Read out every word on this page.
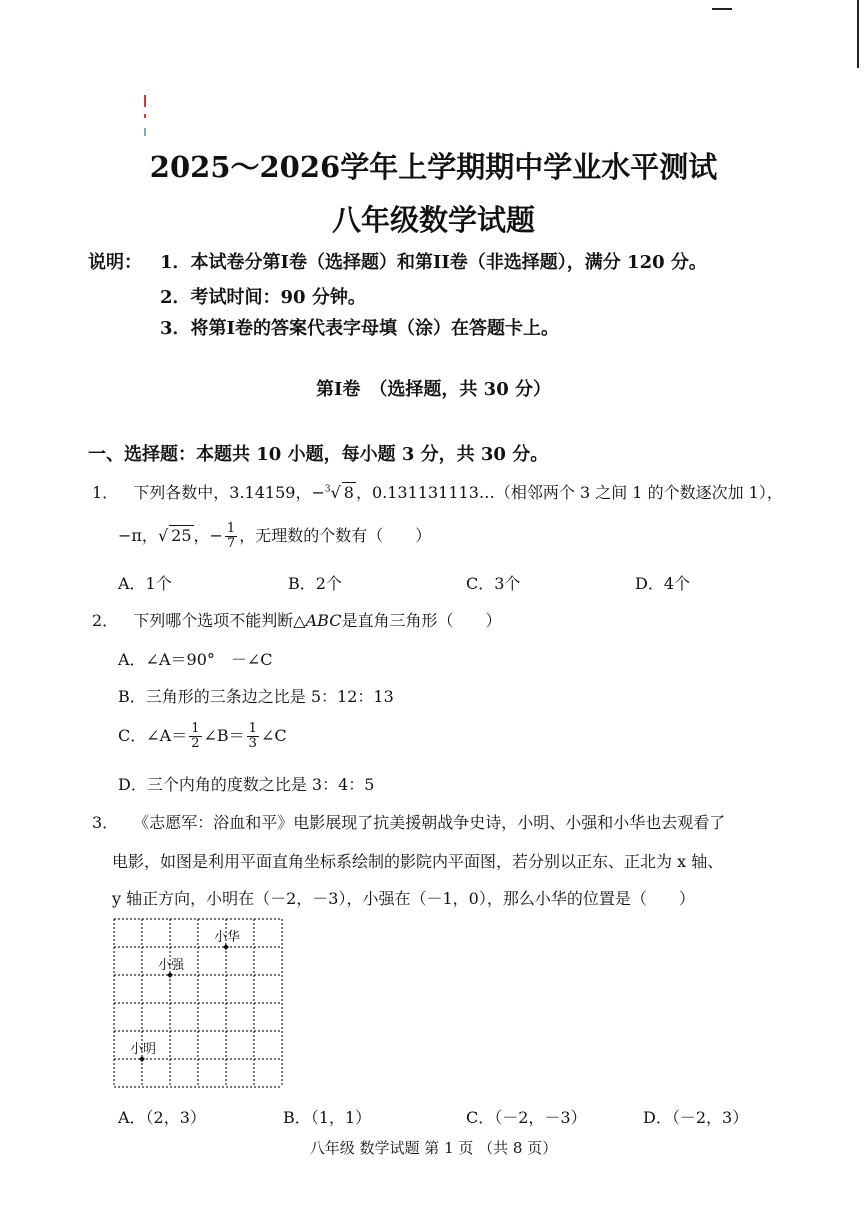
2025～2026学年上学期期中学业水平测试
八年级数学试题
说明： 1．本试卷分第I卷（选择题）和第II卷（非选择题），满分 120 分。
2．考试时间：90 分钟。
3．将第I卷的答案代表字母填（涂）在答题卡上。
第I卷　（选择题，共 30 分）
一、选择题：本题共 10 小题，每小题 3 分，共 30 分。
1． 下列各数中，3.14159，−$^3$√ 8 ，0.131131113…（相邻两个 3 之间 1 的个数逐次加 1），
−π，√ 25 ，− $\frac{1}{7}$ ，无理数的个数有（　　）
A．1个	B．2个	C．3个	D．4个
2． 下列哪个选项不能判断△ABC是直角三角形（　　）
A．∠A＝90°　－∠C
B．三角形的三条边之比是 5：12：13
C．∠A＝ $\frac{1}{2}$ ∠B＝ $\frac{1}{3}$ ∠C
D．三个内角的度数之比是 3：4：5
3． 《志愿军：浴血和平》电影展现了抗美援朝战争史诗，小明、小强和小华也去观看了
电影，如图是利用平面直角坐标系绘制的影院内平面图，若分别以正东、正北为 x 轴、
y 轴正方向，小明在（－2，－3），小强在（－1，0），那么小华的位置是（　　）
小华
小强
小明
A．（2，3）	B．（1，1）	C．（－2，－3）	D．（－2，3）
八年级 数学试题 第 1 页 （共 8 页）
